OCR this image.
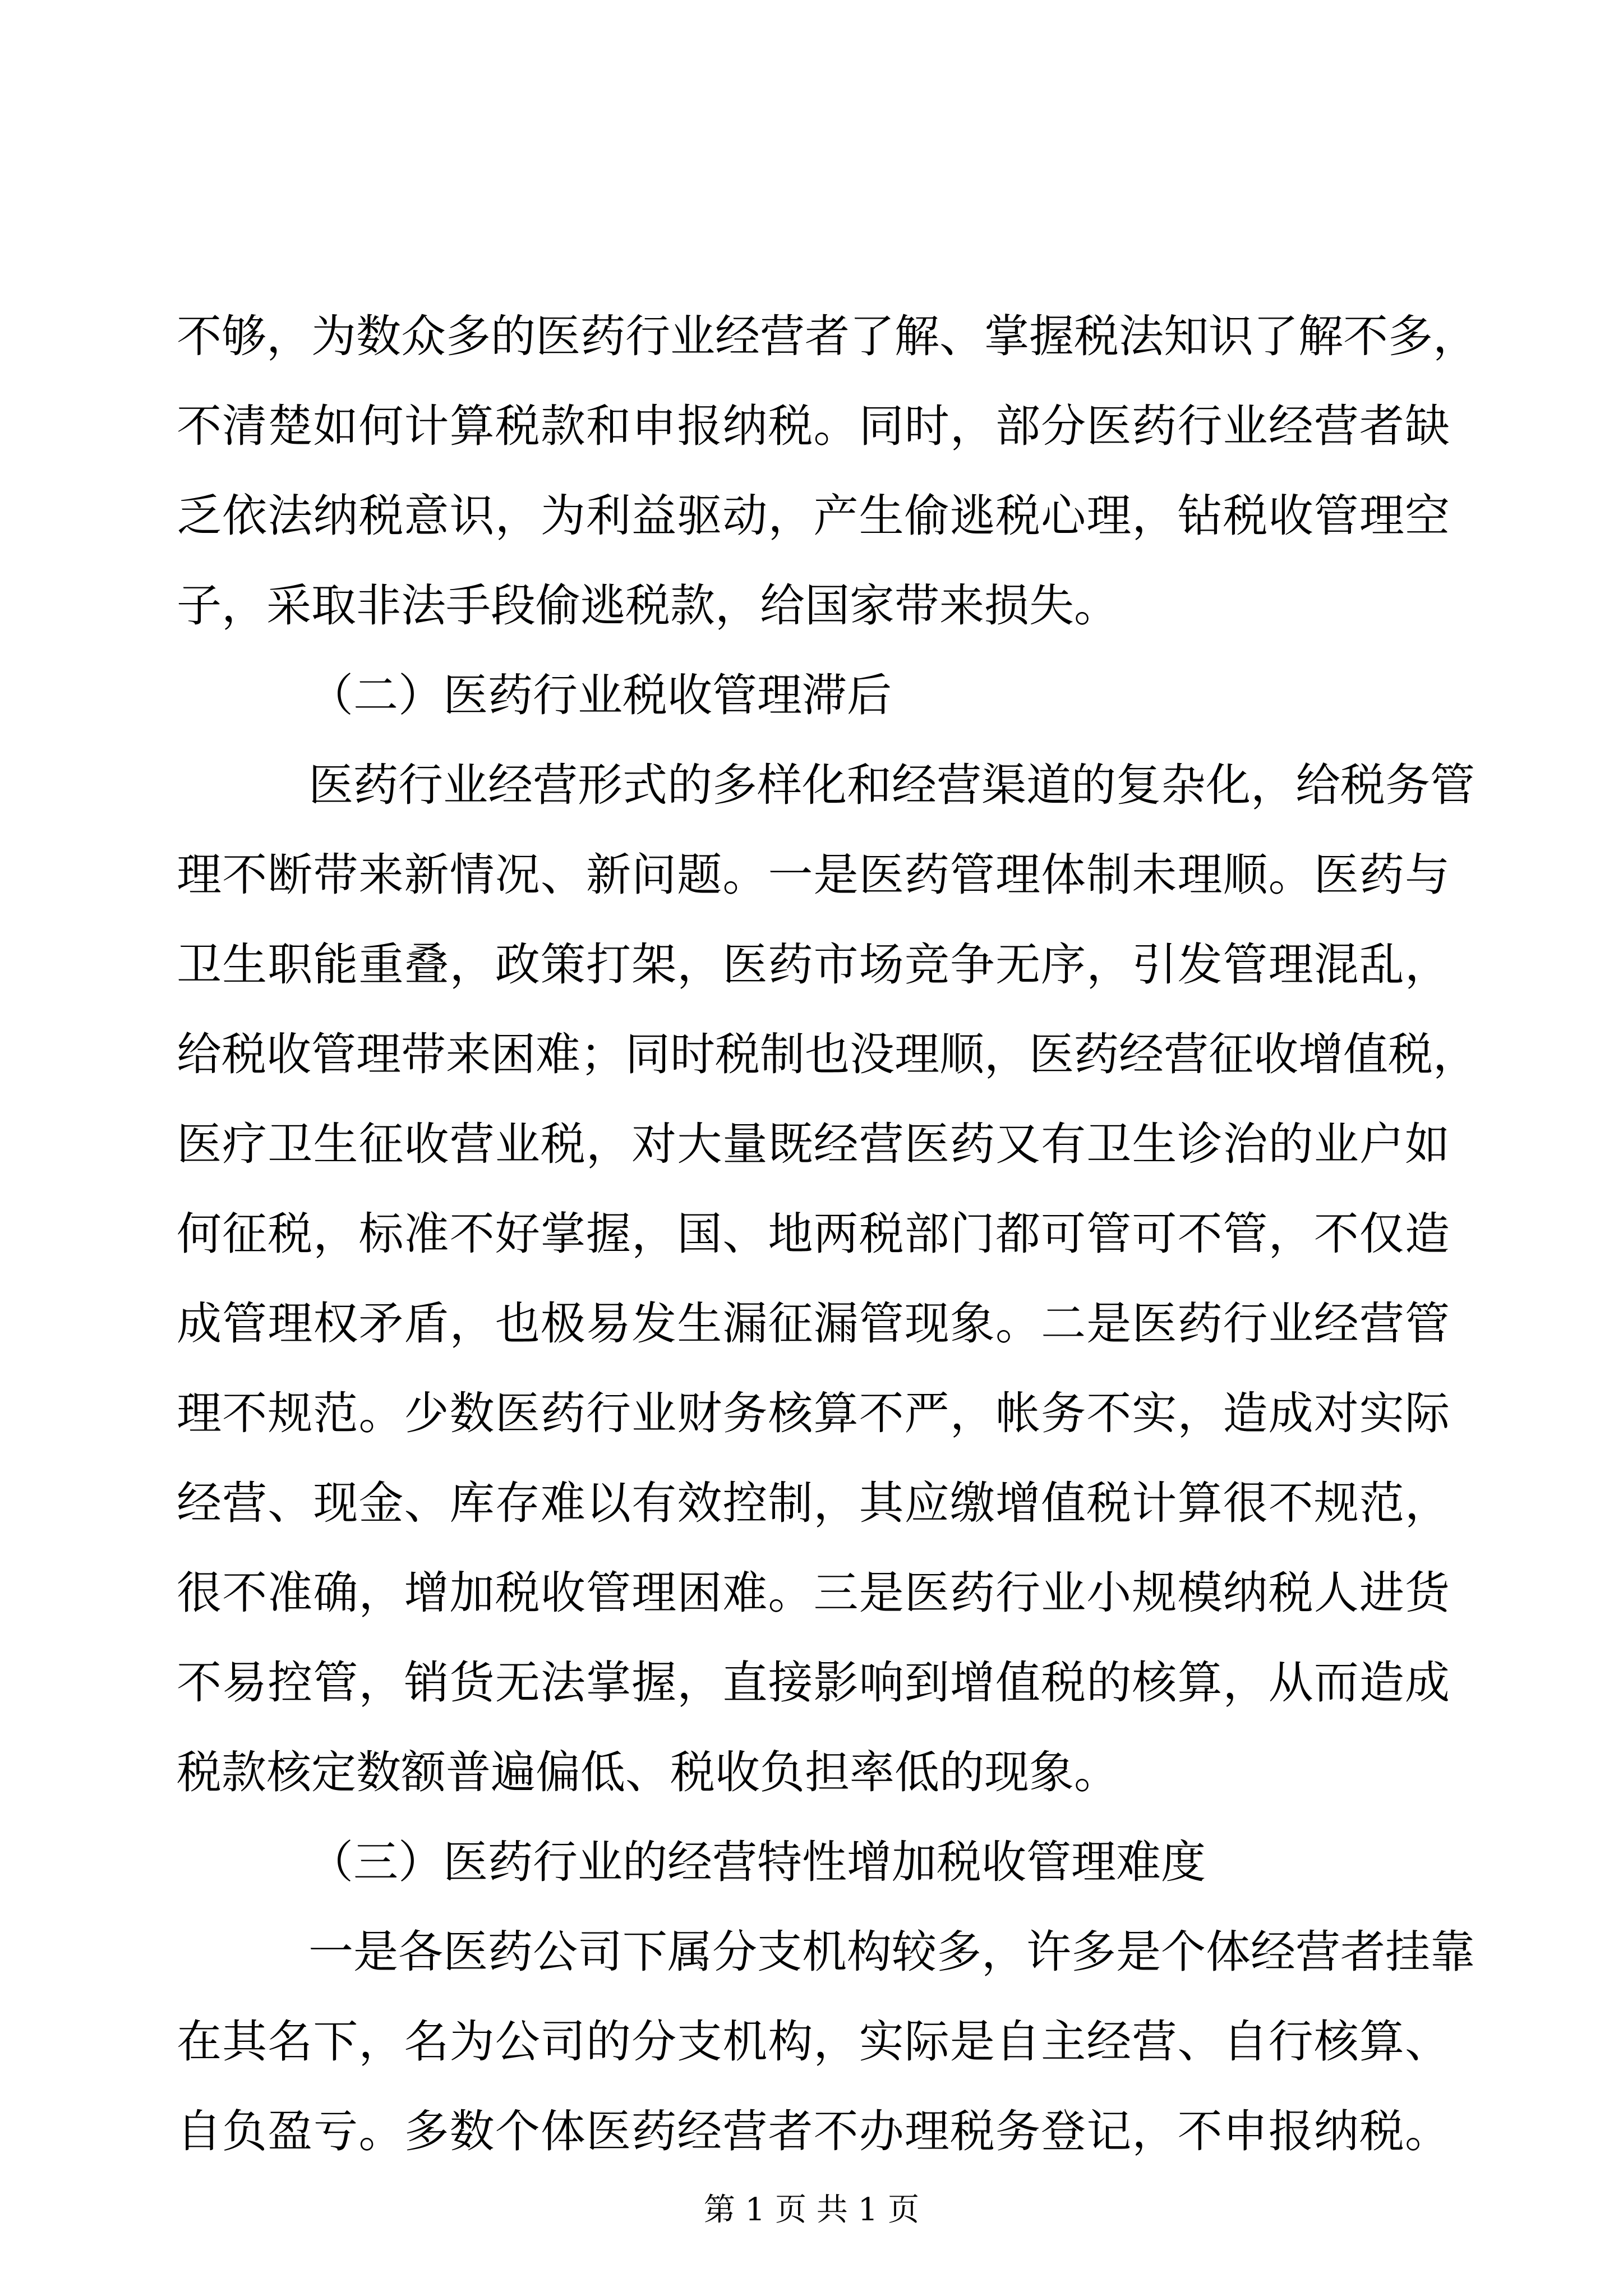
不够，为数众多的医药行业经营者了解、掌握税法知识了解不多，
不清楚如何计算税款和申报纳税。同时，部分医药行业经营者缺
乏依法纳税意识，为利益驱动，产生偷逃税心理，钻税收管理空
子，采取非法手段偷逃税款，给国家带来损失。
（二）医药行业税收管理滞后
医药行业经营形式的多样化和经营渠道的复杂化，给税务管
理不断带来新情况、新问题。一是医药管理体制未理顺。医药与
卫生职能重叠，政策打架，医药市场竞争无序，引发管理混乱，
给税收管理带来困难；同时税制也没理顺，医药经营征收增值税，
医疗卫生征收营业税，对大量既经营医药又有卫生诊治的业户如
何征税，标准不好掌握，国、地两税部门都可管可不管，不仅造
成管理权矛盾，也极易发生漏征漏管现象。二是医药行业经营管
理不规范。少数医药行业财务核算不严，帐务不实，造成对实际
经营、现金、库存难以有效控制，其应缴增值税计算很不规范，
很不准确，增加税收管理困难。三是医药行业小规模纳税人进货
不易控管，销货无法掌握，直接影响到增值税的核算，从而造成
税款核定数额普遍偏低、税收负担率低的现象。
（三）医药行业的经营特性增加税收管理难度
一是各医药公司下属分支机构较多，许多是个体经营者挂靠
在其名下，名为公司的分支机构，实际是自主经营、自行核算、
自负盈亏。多数个体医药经营者不办理税务登记，不申报纳税。
第 1 页 共 1 页
